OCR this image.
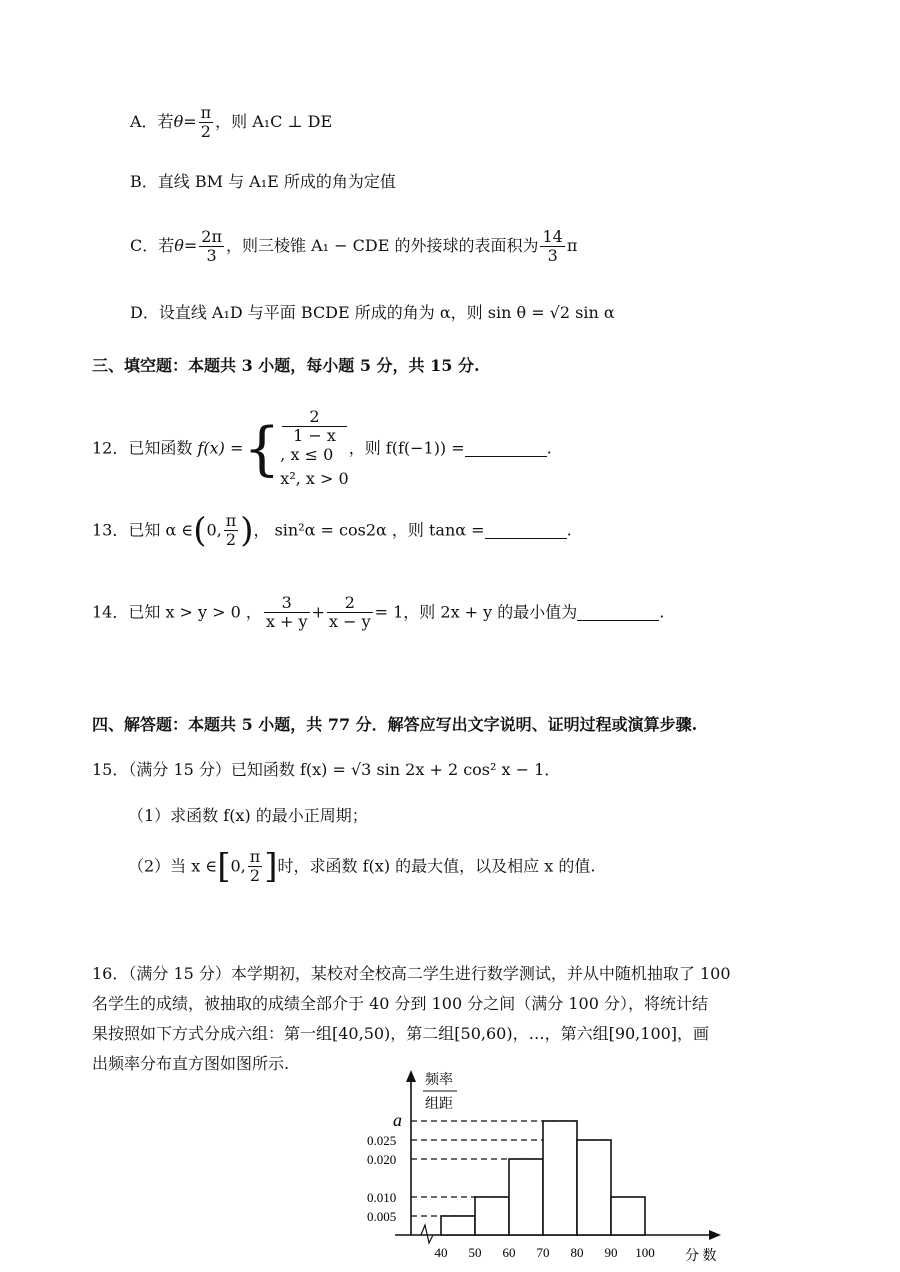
A．若$\theta= \frac{\pi}{2}$ ，则 A₁C ⊥ DE
B．直线 BM 与 A₁E 所成的角为定值
C．若$\theta= \frac{2\pi}{3}$ ，则三棱锥 A₁ − CDE 的外接球的表面积为 $\frac{14}{3}$ π
D．设直线 A₁D 与平面 BCDE 所成的角为 α，则 sin θ = √2 sin α
三、填空题：本题共 3 小题，每小题 5 分，共 15 分.
12．已知函数 f(x) ={	2
1 − x
, x ≤ 0
x², x > 0
，则 f(f(−1)) =	.
13．已知 α ∈(0, $\frac{\pi}{2}$ )， sin²α = cos2α ，则 tanα =	.
14．已知 x > y > 0 ， $\frac{3}{x + y} + \frac{2}{x - y} = 1$，则 2x + y 的最小值为	.
四、解答题：本题共 5 小题，共 77 分．解答应写出文字说明、证明过程或演算步骤.
15．（满分 15 分）已知函数 f(x) = √3 sin 2x + 2 cos² x − 1．
（1）求函数 f(x) 的最小正周期；
（2）当 x ∈[0, $\frac{\pi}{2}$ ]时，求函数 f(x) 的最大值，以及相应 x 的值.
16．（满分 15 分）本学期初，某校对全校高二学生进行数学测试，并从中随机抽取了 100
名学生的成绩，被抽取的成绩全部介于 40 分到 100 分之间（满分 100 分），将统计结
果按照如下方式分成六组：第一组[40,50)，第二组[50,60)，…，第六组[90,100]，画
出频率分布直方图如图所示.
频率
组距
分 数
a
0.025
0.020
0.010
0.005
40 50 60 70 80 90 100
